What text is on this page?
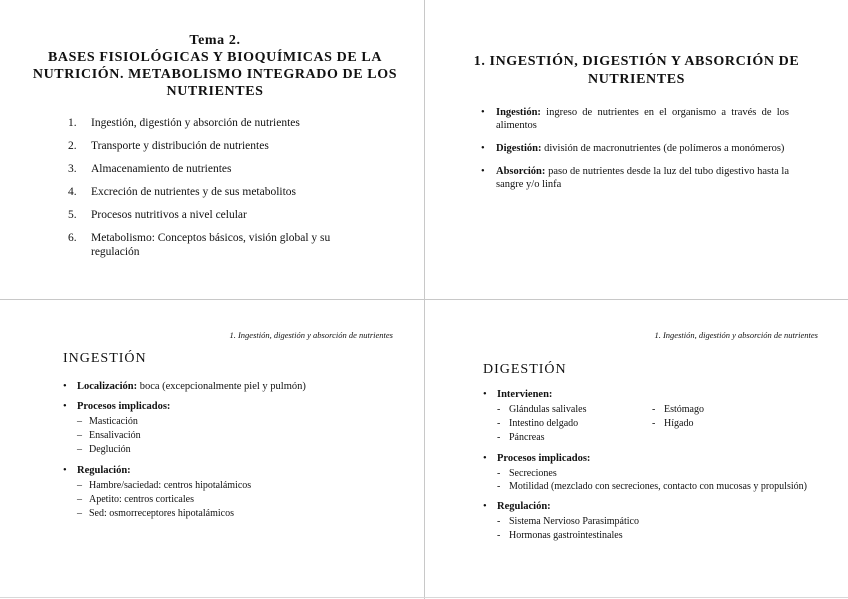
Tema 2.
BASES FISIOLÓGICAS Y BIOQUÍMICAS DE LA NUTRICIÓN. METABOLISMO INTEGRADO DE LOS NUTRIENTES
1. Ingestión, digestión y absorción de nutrientes
2. Transporte y distribución de nutrientes
3. Almacenamiento de nutrientes
4. Excreción de nutrientes y de sus metabolitos
5. Procesos nutritivos a nivel celular
6. Metabolismo: Conceptos básicos, visión global y su regulación
1. INGESTIÓN, DIGESTIÓN Y ABSORCIÓN DE NUTRIENTES
• Ingestión: ingreso de nutrientes en el organismo a través de los alimentos
• Digestión: división de macronutrientes (de polímeros a monómeros)
• Absorción: paso de nutrientes desde la luz del tubo digestivo hasta la sangre y/o linfa
1. Ingestión, digestión y absorción de nutrientes
INGESTIÓN
• Localización: boca (excepcionalmente piel y pulmón)
• Procesos implicados:
– Masticación
– Ensalivación
– Deglución
• Regulación:
– Hambre/saciedad: centros hipotalámicos
– Apetito: centros corticales
– Sed: osmorreceptores hipotalámicos
1. Ingestión, digestión y absorción de nutrientes
DIGESTIÓN
• Intervienen:
- Glándulas salivales
- Intestino delgado
- Páncreas
- Estómago
- Hígado
• Procesos implicados:
- Secreciones
- Motilidad (mezclado con secreciones, contacto con mucosas y propulsión)
• Regulación:
- Sistema Nervioso Parasimpático
- Hormonas gastrointestinales
